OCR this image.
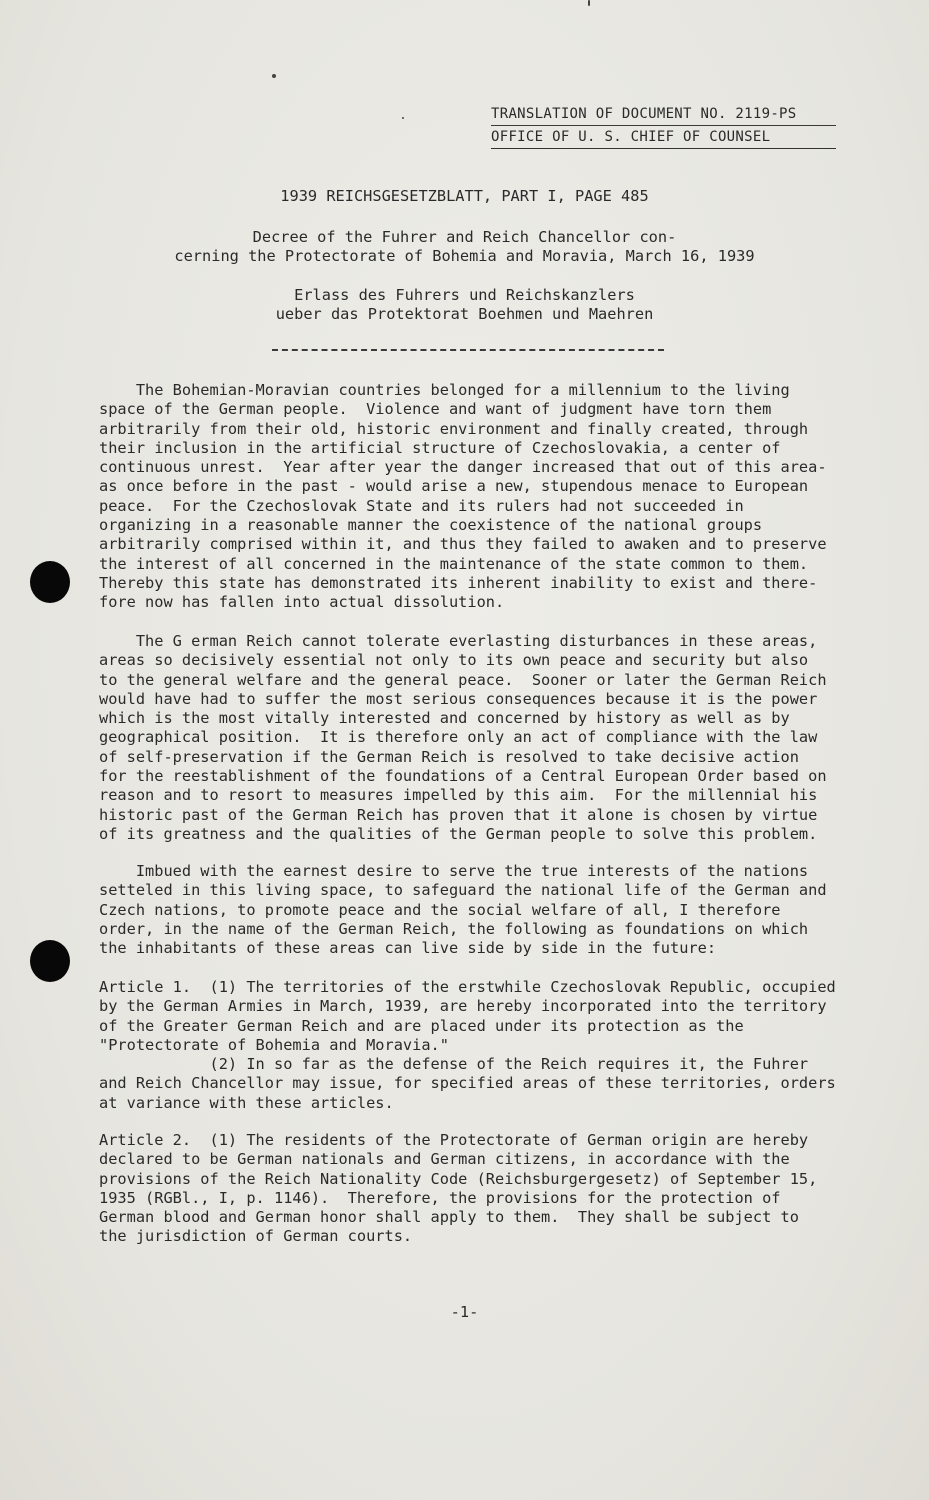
TRANSLATION OF DOCUMENT NO. 2119-PS
OFFICE OF U. S. CHIEF OF COUNSEL
1939 REICHSGESETZBLATT, PART I, PAGE 485
Decree of the Fuhrer and Reich Chancellor con-
cerning the Protectorate of Bohemia and Moravia, March 16, 1939
Erlass des Fuhrers und Reichskanzlers
ueber das Protektorat Boehmen und Maehren

The Bohemian-Moravian countries belonged for a millennium to the living
space of the German people.  Violence and want of judgment have torn them
arbitrarily from their old, historic environment and finally created, through
their inclusion in the artificial structure of Czechoslovakia, a center of
continuous unrest.  Year after year the danger increased that out of this area-
as once before in the past - would arise a new, stupendous menace to European
peace.  For the Czechoslovak State and its rulers had not succeeded in
organizing in a reasonable manner the coexistence of the national groups
arbitrarily comprised within it, and thus they failed to awaken and to preserve
the interest of all concerned in the maintenance of the state common to them.
Thereby this state has demonstrated its inherent inability to exist and there-
fore now has fallen into actual dissolution.

The G erman Reich cannot tolerate everlasting disturbances in these areas,
areas so decisively essential not only to its own peace and security but also
to the general welfare and the general peace.  Sooner or later the German Reich
would have had to suffer the most serious consequences because it is the power
which is the most vitally interested and concerned by history as well as by
geographical position.  It is therefore only an act of compliance with the law
of self-preservation if the German Reich is resolved to take decisive action
for the reestablishment of the foundations of a Central European Order based on
reason and to resort to measures impelled by this aim.  For the millennial his
historic past of the German Reich has proven that it alone is chosen by virtue
of its greatness and the qualities of the German people to solve this problem.

Imbued with the earnest desire to serve the true interests of the nations
setteled in this living space, to safeguard the national life of the German and
Czech nations, to promote peace and the social welfare of all, I therefore
order, in the name of the German Reich, the following as foundations on which
the inhabitants of these areas can live side by side in the future:

Article 1.  (1) The territories of the erstwhile Czechoslovak Republic, occupied
by the German Armies in March, 1939, are hereby incorporated into the territory
of the Greater German Reich and are placed under its protection as the
"Protectorate of Bohemia and Moravia."
(2) In so far as the defense of the Reich requires it, the Fuhrer
and Reich Chancellor may issue, for specified areas of these territories, orders
at variance with these articles.

Article 2.  (1) The residents of the Protectorate of German origin are hereby
declared to be German nationals and German citizens, in accordance with the
provisions of the Reich Nationality Code (Reichsburgergesetz) of September 15,
1935 (RGBl., I, p. 1146).  Therefore, the provisions for the protection of
German blood and German honor shall apply to them.  They shall be subject to
the jurisdiction of German courts.

-1-
